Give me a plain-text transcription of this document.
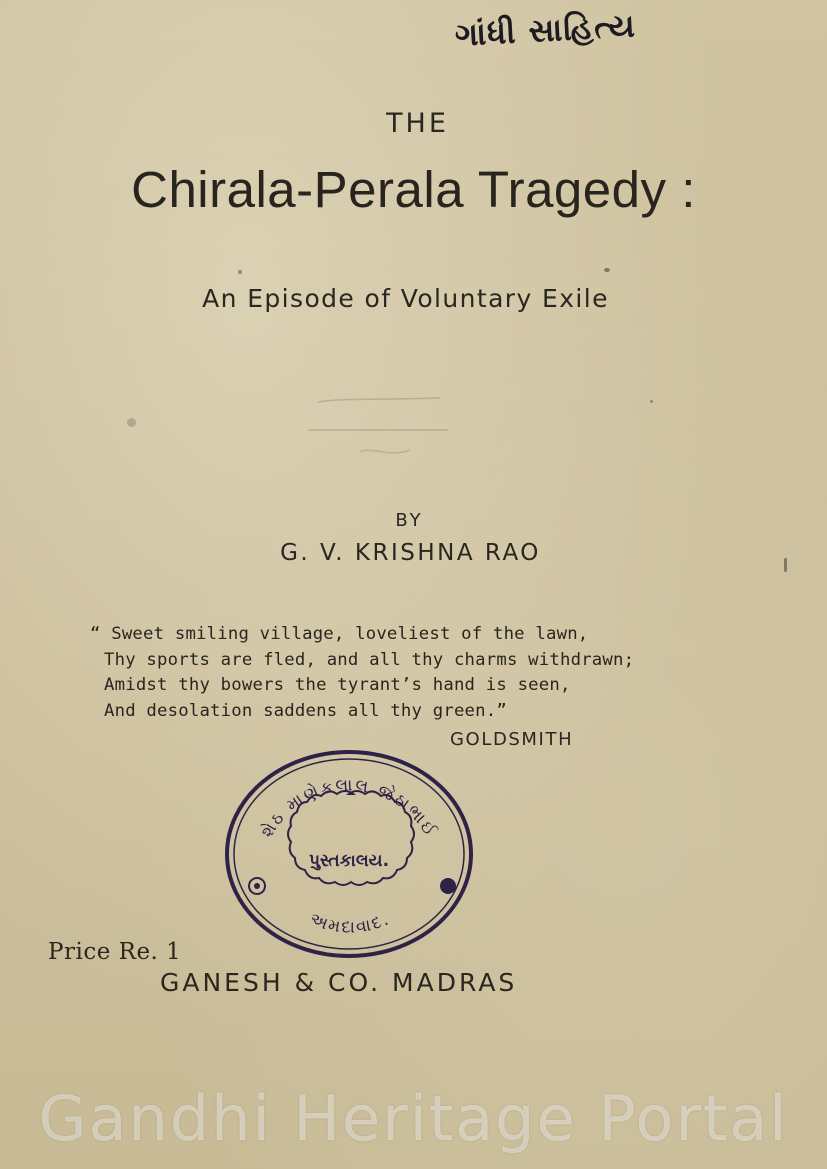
ગાંધી સાહિત્ય
THE
Chirala-Perala Tragedy :
An Episode of Voluntary Exile
BY
G. V. KRISHNA RAO
“ Sweet smiling village, loveliest of the lawn,
Thy sports are fled, and all thy charms withdrawn;
Amidst thy bowers the tyrant’s hand is seen,
And desolation saddens all thy green.”
GOLDSMITH
શેઠ માણેકલાલ જેઠાભાઈ
પુસ્તકાલય.
અમદાવાદ.
Price Re. 1
GANESH & CO. MADRAS
Gandhi Heritage Portal
